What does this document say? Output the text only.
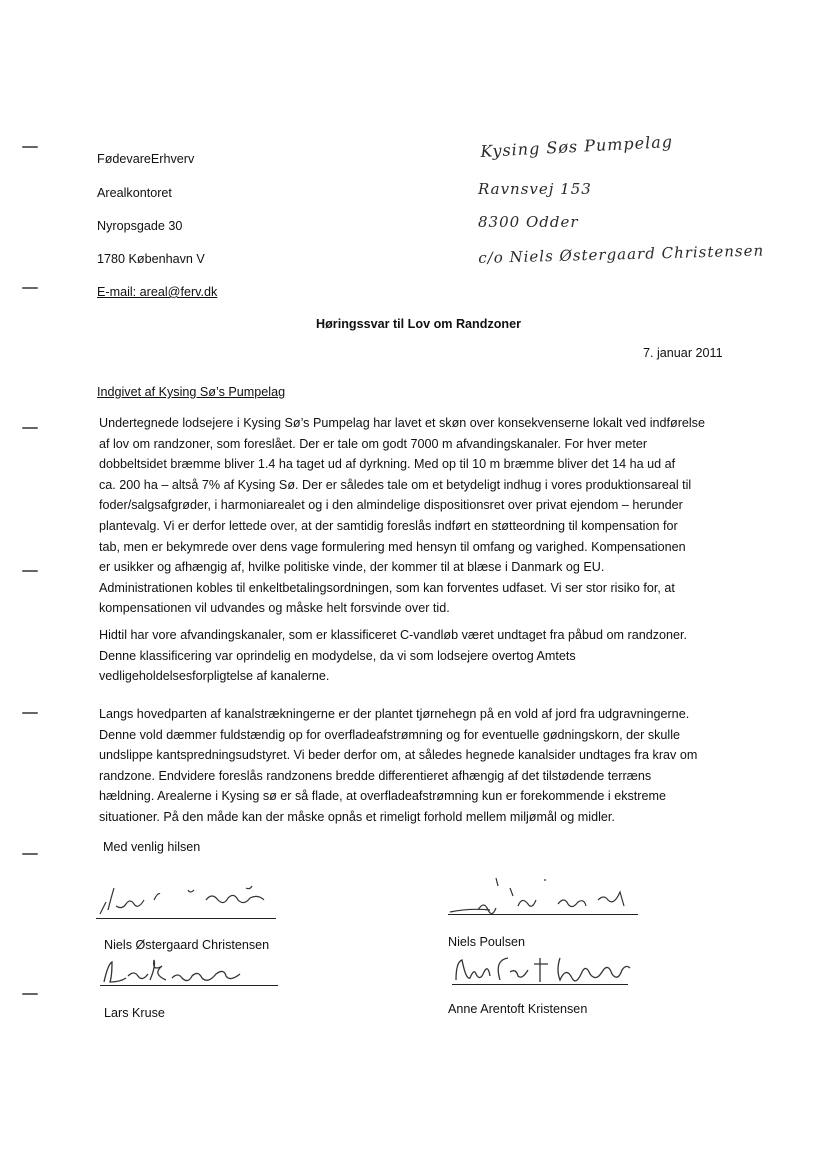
FødevareErhverv
Arealkontoret
Nyropsgade 30
1780 København V
E-mail: areal@ferv.dk
Kysing Søs Pumpelag
Ravnsvej 153
8300 Odder
c/o Niels Østergaard Christensen
Høringssvar til Lov om Randzoner
7. januar 2011
Indgivet af Kysing Sø’s Pumpelag
Undertegnede lodsejere i Kysing Sø’s Pumpelag har lavet et skøn over konsekvenserne lokalt ved indførelse
af lov om randzoner, som foreslået. Der er tale om godt 7000 m afvandingskanaler. For hver meter
dobbeltsidet bræmme bliver 1.4 ha taget ud af dyrkning. Med op til 10 m bræmme bliver det 14 ha ud af
ca. 200 ha – altså 7% af Kysing Sø. Der er således tale om et betydeligt indhug i vores produktionsareal til
foder/salgsafgrøder, i harmoniarealet og i den almindelige dispositionsret over privat ejendom – herunder
plantevalg. Vi er derfor lettede over, at der samtidig foreslås indført en støtteordning til kompensation for
tab, men er bekymrede over dens vage formulering med hensyn til omfang og varighed. Kompensationen
er usikker og afhængig af, hvilke politiske vinde, der kommer til at blæse i Danmark og EU.
Administrationen kobles til enkeltbetalingsordningen, som kan forventes udfaset. Vi ser stor risiko for, at
kompensationen vil udvandes og måske helt forsvinde over tid.
Hidtil har vore afvandingskanaler, som er klassificeret C-vandløb været undtaget fra påbud om randzoner.
Denne klassificering var oprindelig en modydelse, da vi som lodsejere overtog Amtets
vedligeholdelsesforpligtelse af kanalerne.
Langs hovedparten af kanalstrækningerne er der plantet tjørnehegn på en vold af jord fra udgravningerne.
Denne vold dæmmer fuldstændig op for overfladeafstrømning og for eventuelle gødningskorn, der skulle
undslippe kantspredningsudstyret. Vi beder derfor om, at således hegnede kanalsider undtages fra krav om
randzone. Endvidere foreslås randzonens bredde differentieret afhængig af det tilstødende terræns
hældning. Arealerne i Kysing sø er så flade, at overfladeafstrømning kun er forekommende i ekstreme
situationer. På den måde kan der måske opnås et rimeligt forhold mellem miljømål og midler.
Med venlig hilsen
Niels Østergaard Christensen	Niels Poulsen
Lars Kruse	Anne Arentoft Kristensen
